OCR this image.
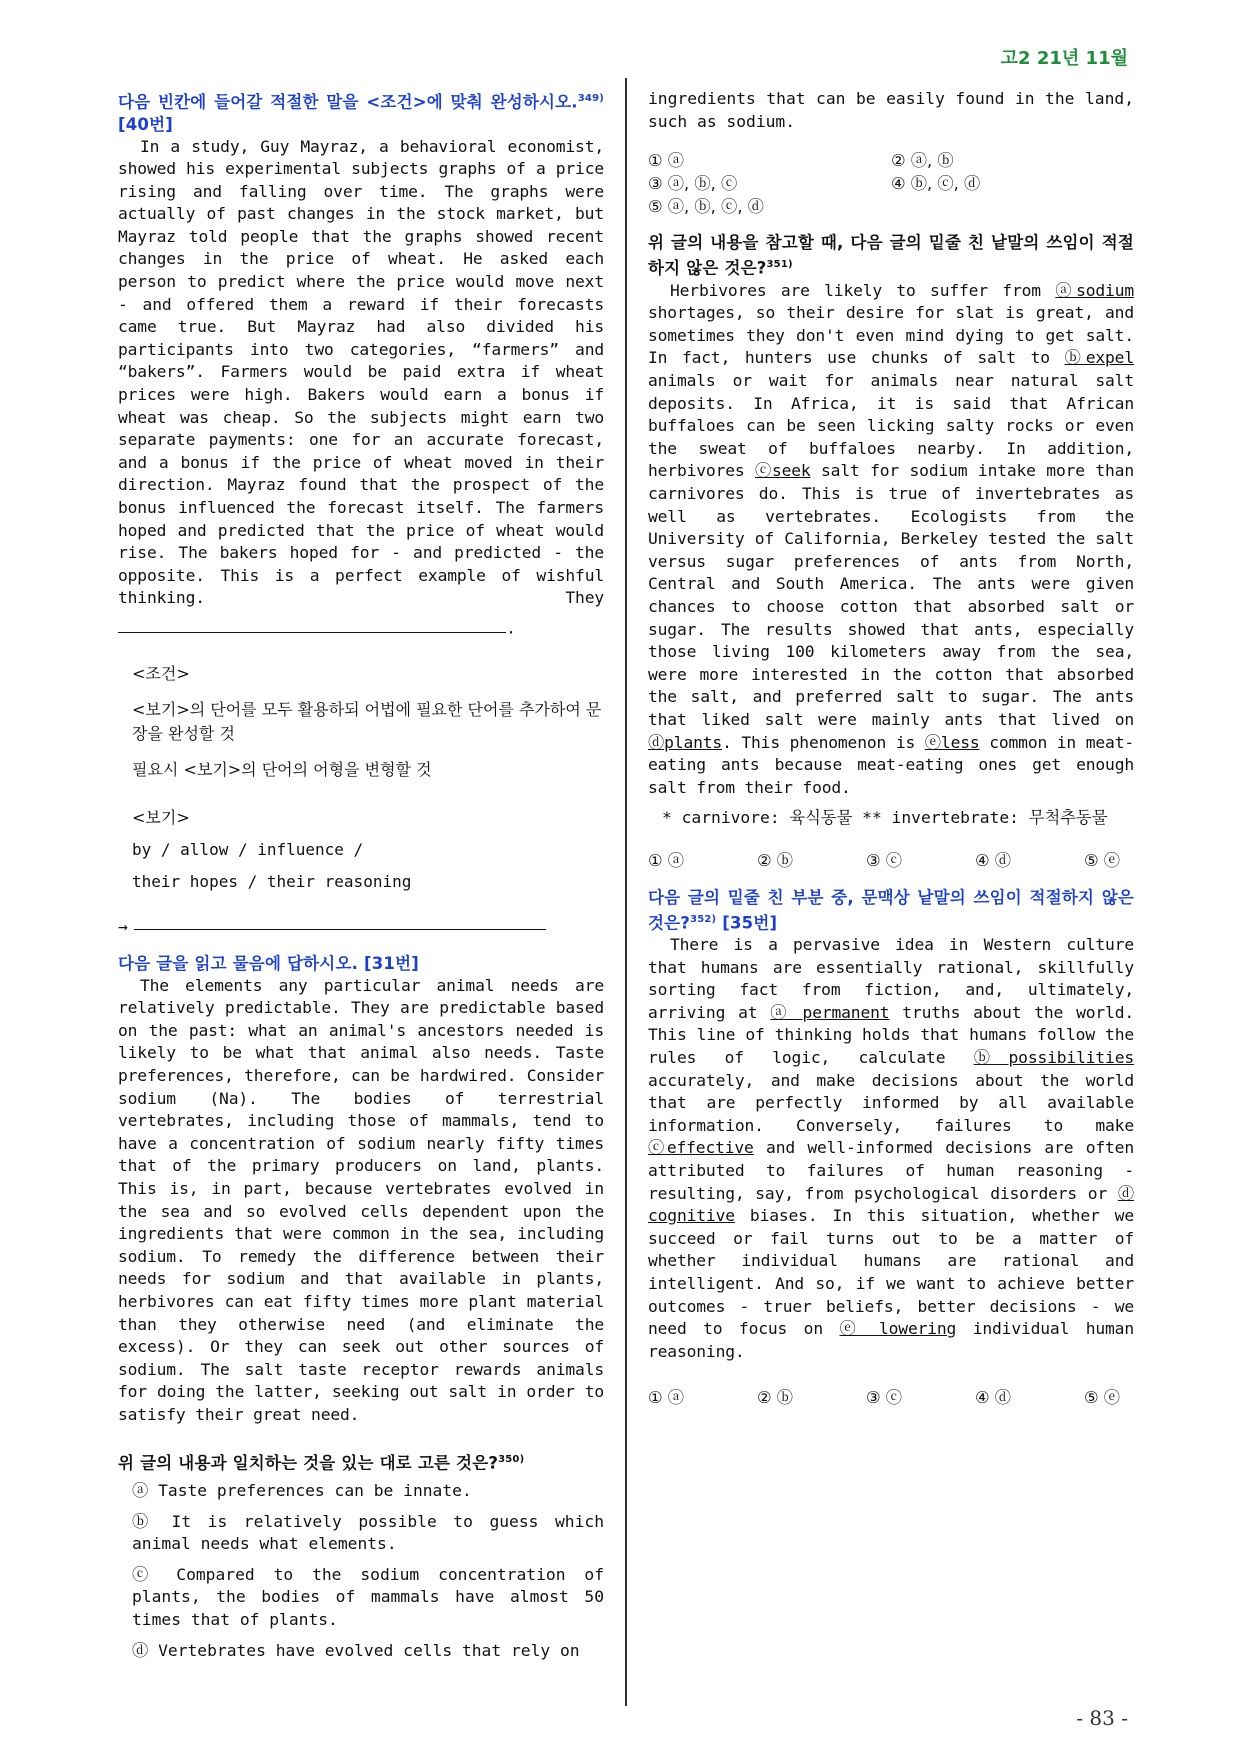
고2 21년 11월
다음 빈칸에 들어갈 적절한 말을 <조건>에 맞춰 완성하시오.$^{349)}$ [40번]

In a study, Guy Mayraz, a behavioral economist, showed his experimental subjects graphs of a price rising and falling over time. The graphs were actually of past changes in the stock market, but Mayraz told people that the graphs showed recent changes in the price of wheat. He asked each person to predict where the price would move next - and offered them a reward if their forecasts came true. But Mayraz had also divided his participants into two categories, “farmers” and “bakers”. Farmers would be paid extra if wheat prices were high. Bakers would earn a bonus if wheat was cheap. So the subjects might earn two separate payments: one for an accurate forecast, and a bonus if the price of wheat moved in their direction. Mayraz found that the prospect of the bonus influenced the forecast itself. The farmers hoped and predicted that the price of wheat would rise. The bakers hoped for - and predicted - the opposite. This is a perfect example of wishful thinking.	They

.
<조건>
<보기>의 단어를 모두 활용하되 어법에 필요한 단어를 추가하여 문장을 완성할 것
필요시 <보기>의 단어의 어형을 변형할 것
<보기>
by / allow / influence /
their hopes / their reasoning
→
다음 글을 읽고 물음에 답하시오. [31번]

The elements any particular animal needs are relatively predictable. They are predictable based on the past: what an animal's ancestors needed is likely to be what that animal also needs. Taste preferences, therefore, can be hardwired. Consider sodium (Na). The bodies of terrestrial vertebrates, including those of mammals, tend to have a concentration of sodium nearly fifty times that of the primary producers on land, plants. This is, in part, because vertebrates evolved in the sea and so evolved cells dependent upon the ingredients that were common in the sea, including sodium. To remedy the difference between their needs for sodium and that available in plants, herbivores can eat fifty times more plant material than they otherwise need (and eliminate the excess). Or they can seek out other sources of sodium. The salt taste receptor rewards animals for doing the latter, seeking out salt in order to satisfy their great need.

위 글의 내용과 일치하는 것을 있는 대로 고른 것은?$^{350)}$
ⓐ Taste preferences can be innate.
ⓑ It is relatively possible to guess which animal needs what elements.
ⓒ Compared to the sodium concentration of plants, the bodies of mammals have almost 50 times that of plants.
ⓓ Vertebrates have evolved cells that rely on
ingredients that can be easily found in the land, such as sodium.
① ⓐ	② ⓐ, ⓑ
③ ⓐ, ⓑ, ⓒ	④ ⓑ, ⓒ, ⓓ
⑤ ⓐ, ⓑ, ⓒ, ⓓ
위 글의 내용을 참고할 때, 다음 글의 밑줄 친 낱말의 쓰임이 적절하지 않은 것은?$^{351)}$

Herbivores are likely to suffer from ⓐsodium shortages, so their desire for slat is great, and sometimes they don't even mind dying to get salt. In fact, hunters use chunks of salt to ⓑexpel animals or wait for animals near natural salt deposits. In Africa, it is said that African buffaloes can be seen licking salty rocks or even the sweat of buffaloes nearby. In addition, herbivores ⓒseek salt for sodium intake more than carnivores do. This is true of invertebrates as well as vertebrates. Ecologists from the University of California, Berkeley tested the salt versus sugar preferences of ants from North, Central and South America. The ants were given chances to choose cotton that absorbed salt or sugar. The results showed that ants, especially those living 100 kilometers away from the sea, were more interested in the cotton that absorbed the salt, and preferred salt to sugar. The ants that liked salt were mainly ants that lived on ⓓplants. This phenomenon is ⓔless common in meat-eating ants because meat-eating ones get enough salt from their food.

* carnivore: 육식동물 ** invertebrate: 무척추동물
① ⓐ	② ⓑ	③ ⓒ	④ ⓓ	⑤ ⓔ
다음 글의 밑줄 친 부분 중, 문맥상 낱말의 쓰임이 적절하지 않은 것은?$^{352)}$ [35번]

There is a pervasive idea in Western culture that humans are essentially rational, skillfully sorting fact from fiction, and, ultimately, arriving at ⓐ permanent truths about the world. This line of thinking holds that humans follow the rules of logic, calculate ⓑpossibilities accurately, and make decisions about the world that are perfectly informed by all available information. Conversely, failures to make ⓒeffective and well-informed decisions are often attributed to failures of human reasoning - resulting, say, from psychological disorders or ⓓ cognitive biases. In this situation, whether we succeed or fail turns out to be a matter of whether individual humans are rational and intelligent. And so, if we want to achieve better outcomes - truer beliefs, better decisions - we need to focus on ⓔ lowering individual human reasoning.

① ⓐ	② ⓑ	③ ⓒ	④ ⓓ	⑤ ⓔ
- 83 -
